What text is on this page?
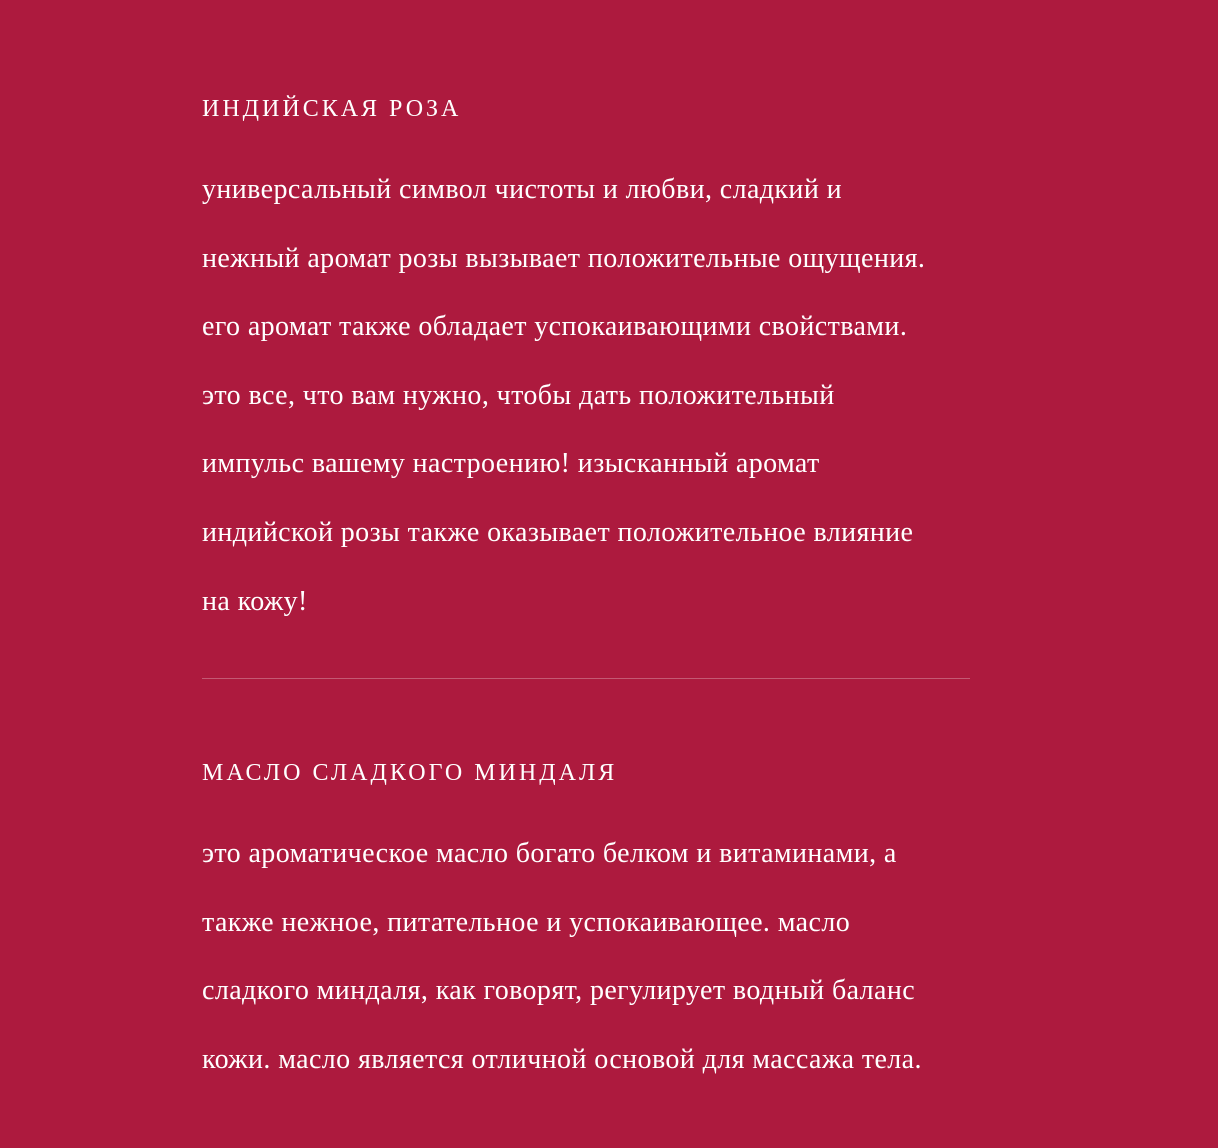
ИНДИЙСКАЯ РОЗА
универсальный символ чистоты и любви, сладкий и
нежный аромат розы вызывает положительные ощущения.
его аромат также обладает успокаивающими свойствами.
это все, что вам нужно, чтобы дать положительный
импульс вашему настроению! изысканный аромат
индийской розы также оказывает положительное влияние
на кожу!
МАСЛО СЛАДКОГО МИНДАЛЯ
это ароматическое масло богато белком и витаминами, а
также нежное, питательное и успокаивающее. масло
сладкого миндаля, как говорят, регулирует водный баланс
кожи. масло является отличной основой для массажа тела.
